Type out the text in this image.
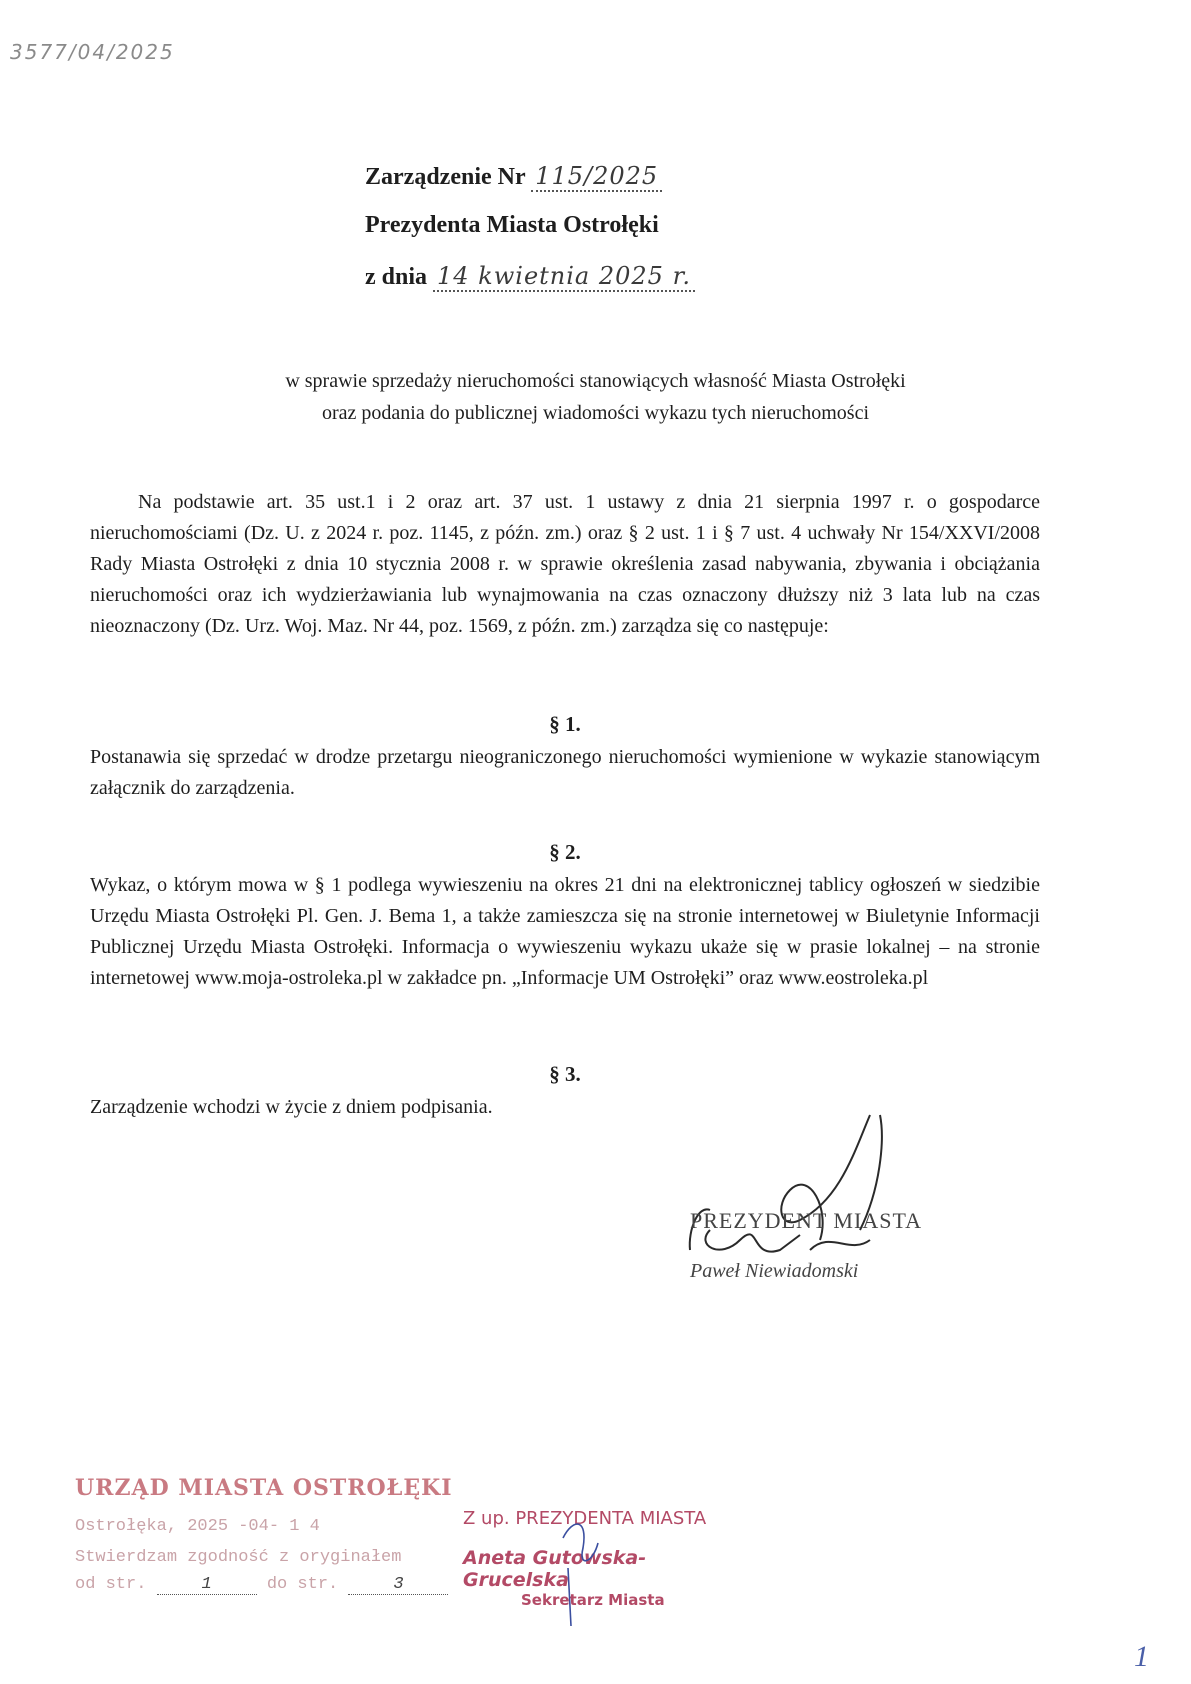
3577/04/2025
Zarządzenie Nr 115/2025
Prezydenta Miasta Ostrołęki
z dnia 14 kwietnia 2025 r.
w sprawie sprzedaży nieruchomości stanowiących własność Miasta Ostrołęki
oraz podania do publicznej wiadomości wykazu tych nieruchomości

Na podstawie art. 35 ust.1 i 2 oraz art. 37 ust. 1 ustawy z dnia 21 sierpnia 1997 r. o gospodarce nieruchomościami (Dz. U. z 2024 r. poz. 1145, z późn. zm.) oraz § 2 ust. 1 i § 7 ust. 4 uchwały Nr 154/XXVI/2008 Rady Miasta Ostrołęki z dnia 10 stycznia 2008 r. w sprawie określenia zasad nabywania, zbywania i obciążania nieruchomości oraz ich wydzierżawiania lub wynajmowania na czas oznaczony dłuższy niż 3 lata lub na czas nieoznaczony (Dz. Urz. Woj. Maz. Nr 44, poz. 1569, z późn. zm.) zarządza się co następuje:

§ 1.

Postanawia się sprzedać w drodze przetargu nieograniczonego nieruchomości wymienione w wykazie stanowiącym załącznik do zarządzenia.

§ 2.

Wykaz, o którym mowa w § 1 podlega wywieszeniu na okres 21 dni na elektronicznej tablicy ogłoszeń w siedzibie Urzędu Miasta Ostrołęki Pl. Gen. J. Bema 1, a także zamieszcza się na stronie internetowej w Biuletynie Informacji Publicznej Urzędu Miasta Ostrołęki. Informacja o wywieszeniu wykazu ukaże się w prasie lokalnej – na stronie internetowej www.moja-ostroleka.pl w zakładce pn. „Informacje UM Ostrołęki” oraz www.eostroleka.pl

§ 3.

Zarządzenie wchodzi w życie z dniem podpisania.

PREZYDENT MIASTA
Paweł Niewiadomski
URZĄD MIASTA OSTROŁĘKI
Ostrołęka, 2025 -04- 1 4
Stwierdzam zgodność z oryginałem
od str.	1	do str.	3
Z up. PREZYDENTA MIASTA
Aneta Gutowska-Grucelska
Sekretarz Miasta
1
